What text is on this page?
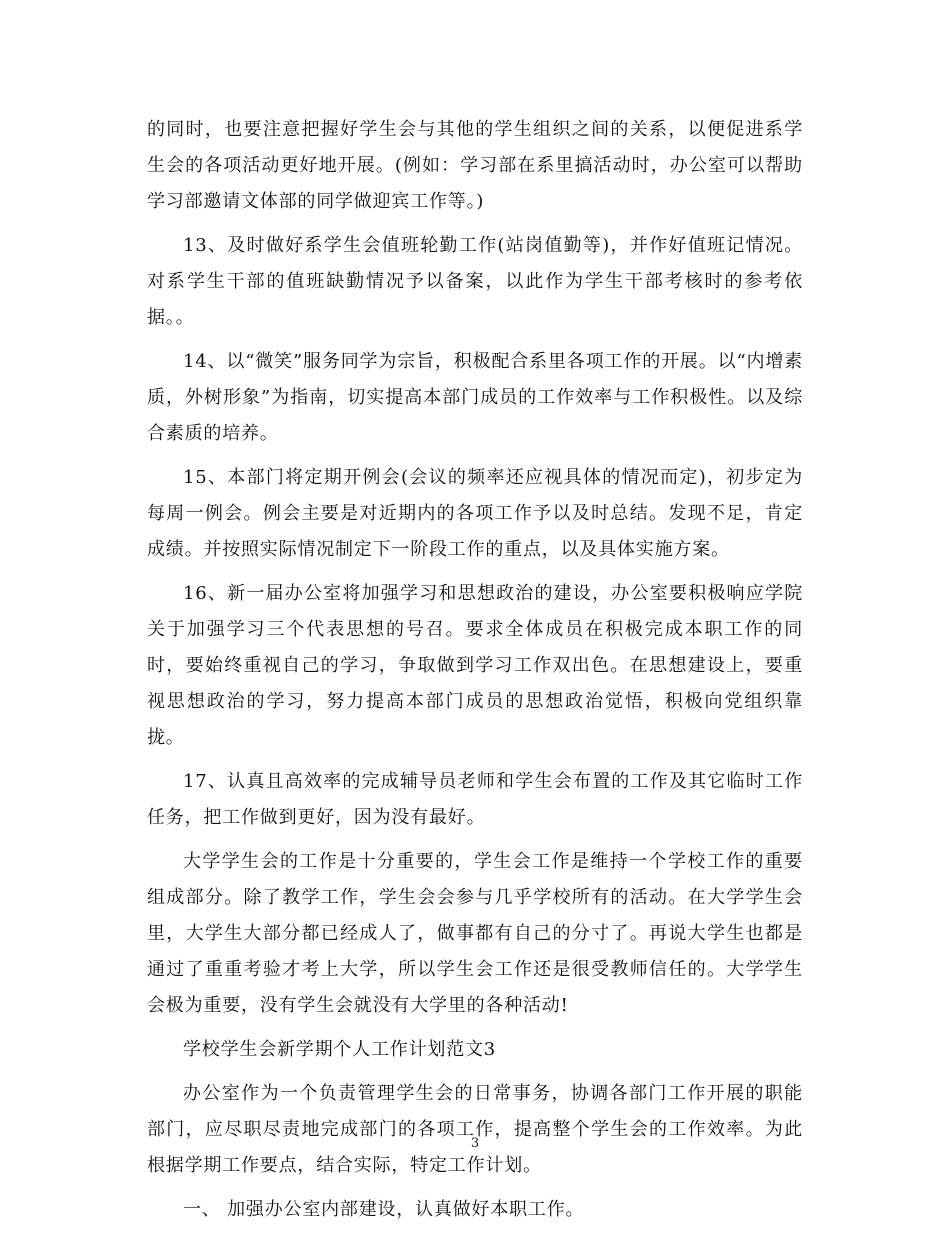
的同时，也要注意把握好学生会与其他的学生组织之间的关系，以便促进系学生会的各项活动更好地开展。(例如：学习部在系里搞活动时，办公室可以帮助学习部邀请文体部的同学做迎宾工作等。)

13、及时做好系学生会值班轮勤工作(站岗值勤等)，并作好值班记情况。对系学生干部的值班缺勤情况予以备案，以此作为学生干部考核时的参考依据。。

14、以“微笑”服务同学为宗旨，积极配合系里各项工作的开展。以“内增素质，外树形象”为指南，切实提高本部门成员的工作效率与工作积极性。以及综合素质的培养。

15、本部门将定期开例会(会议的频率还应视具体的情况而定)，初步定为每周一例会。例会主要是对近期内的各项工作予以及时总结。发现不足，肯定成绩。并按照实际情况制定下一阶段工作的重点，以及具体实施方案。

16、新一届办公室将加强学习和思想政治的建设，办公室要积极响应学院关于加强学习三个代表思想的号召。要求全体成员在积极完成本职工作的同时，要始终重视自己的学习，争取做到学习工作双出色。在思想建设上，要重视思想政治的学习，努力提高本部门成员的思想政治觉悟，积极向党组织靠拢。

17、认真且高效率的完成辅导员老师和学生会布置的工作及其它临时工作任务，把工作做到更好，因为没有最好。

大学学生会的工作是十分重要的，学生会工作是维持一个学校工作的重要组成部分。除了教学工作，学生会会参与几乎学校所有的活动。在大学学生会里，大学生大部分都已经成人了，做事都有自己的分寸了。再说大学生也都是通过了重重考验才考上大学，所以学生会工作还是很受教师信任的。大学学生会极为重要，没有学生会就没有大学里的各种活动!

学校学生会新学期个人工作计划范文3

办公室作为一个负责管理学生会的日常事务，协调各部门工作开展的职能部门，应尽职尽责地完成部门的各项工作，提高整个学生会的工作效率。为此根据学期工作要点，结合实际，特定工作计划。

一、 加强办公室内部建设，认真做好本职工作。

3
